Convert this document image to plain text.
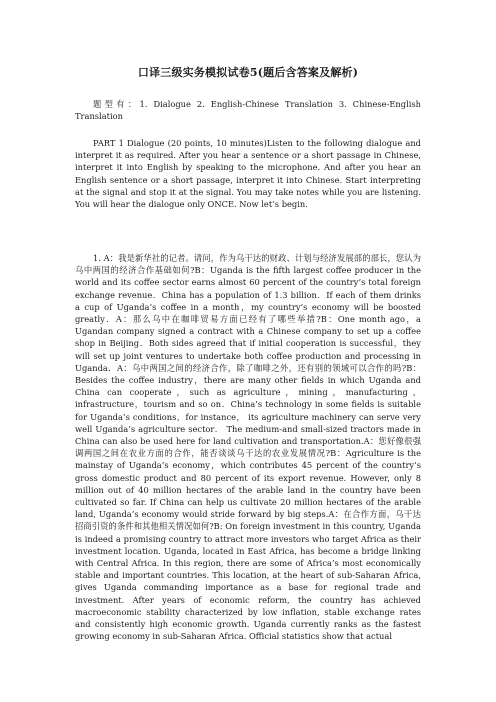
口译三级实务模拟试卷5(题后含答案及解析)

题型有：1. Dialogue 2. English-Chinese Translation 3. Chinese-English Translation

PART 1 Dialogue (20 points, 10 minutes)Listen to the following dialogue and interpret it as required. After you hear a sentence or a short passage in Chinese, interpret it into English by speaking to the microphone. And after you hear an English sentence or a short passage, interpret it into Chinese. Start interpreting at the signal and stop it at the signal. You may take notes while you are listening. You will hear the dialogue only ONCE. Now let’s begin.

1. A：我是新华社的记者。请问，作为乌干达的财政、计划与经济发展部的部长，您认为乌中两国的经济合作基础如何?B：Uganda is the fifth largest coffee producer in the world and its coffee sector earns almost 60 percent of the country’s total foreign exchange revenue．China has a population of 1.3 billion．If each of them drinks a cup of Uganda’s coffee in a month，my country’s economy will be boosted greatly．A：那么乌中在咖啡贸易方面已经有了哪些举措?B：One month ago，a Ugandan company signed a contract with a Chinese company to set up a coffee shop in Beijing．Both sides agreed that if initial cooperation is successful，they will set up joint ventures to undertake both coffee production and processing in Uganda．A：乌中两国之间的经济合作，除了咖啡之外，还有别的领域可以合作的吗?B：Besides the coffee industry，there are many other fields in which Uganda and China can cooperate，such as agriculture，mining，manufacturing，infrastructure，tourism and so on．China’s technology in some fields is suitable for Uganda’s conditions，for instance， its agriculture machinery can serve very well Uganda’s agriculture sector． The medium-and small-sized tractors made in China can also be used here for land cultivation and transportation.A：您好像很强调两国之间在农业方面的合作，能否谈谈乌干达的农业发展情况?B：Agriculture is the mainstay of Uganda’s economy，which contributes 45 percent of the country’s gross domestic product and 80 percent of its export revenue. However, only 8 million out of 40 million hectares of the arable land in the country have been cultivated so far. If China can help us cultivate 20 million hectares of the arable land, Uganda’s economy would stride forward by big steps.A：在合作方面，乌干达招商引资的条件和其他相关情况如何?B: On foreign investment in this country, Uganda is indeed a promising country to attract more investors who target Africa as their investment location. Uganda, located in East Africa, has become a bridge linking with Central Africa. In this region, there are some of Africa’s most economically stable and important countries. This location, at the heart of sub-Saharan Africa, gives Uganda commanding importance as a base for regional trade and investment. After years of economic reform, the country has achieved macroeconomic stability characterized by low inflation, stable exchange rates and consistently high economic growth. Uganda currently ranks as the fastest growing economy in sub-Saharan Africa. Official statistics show that actual
